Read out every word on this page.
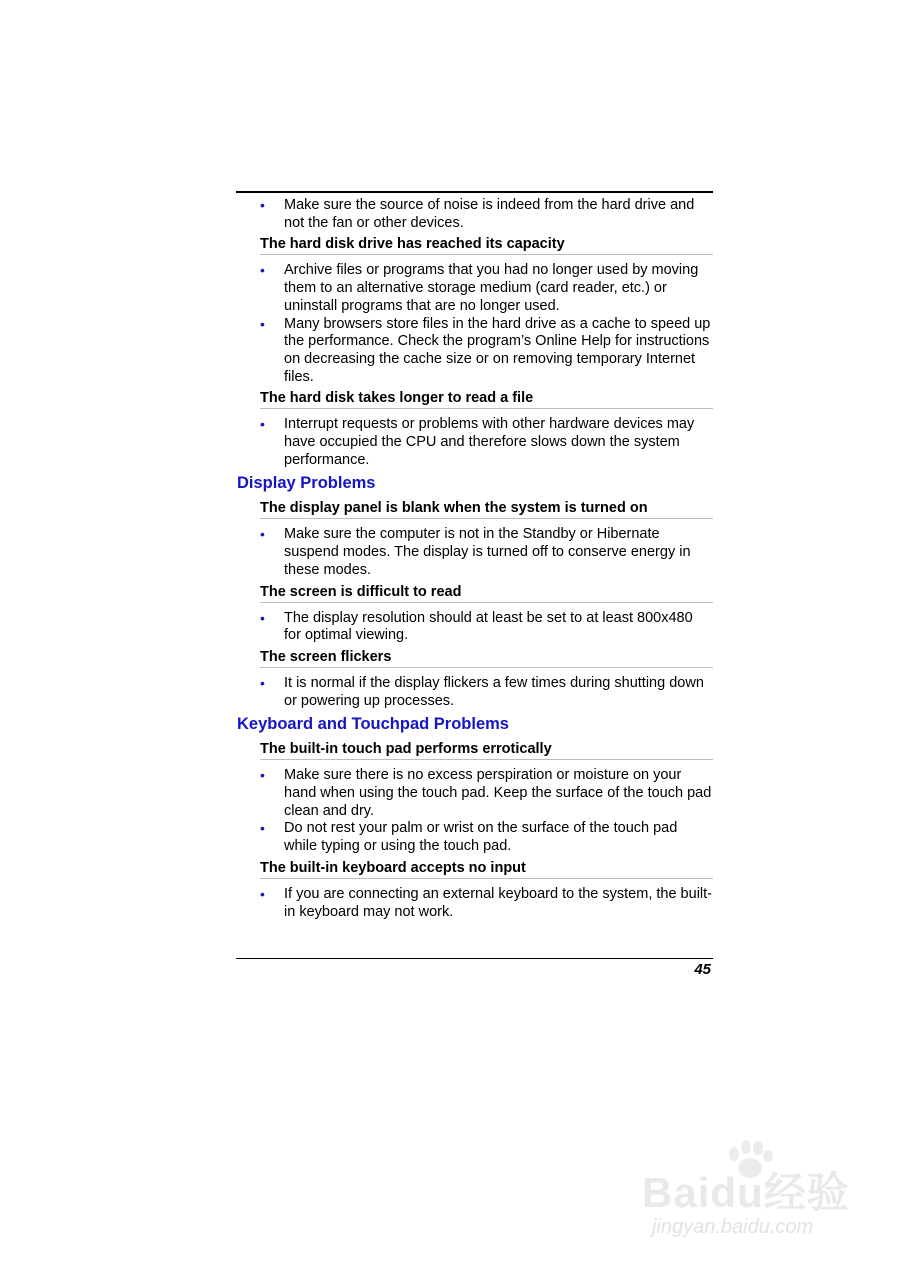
• Make sure the source of noise is indeed from the hard drive and not the fan or other devices.
The hard disk drive has reached its capacity
• Archive files or programs that you had no longer used by moving them to an alternative storage medium (card reader, etc.) or uninstall programs that are no longer used.
• Many browsers store files in the hard drive as a cache to speed up the performance. Check the program’s Online Help for instructions on decreasing the cache size or on removing temporary Internet files.
The hard disk takes longer to read a file
• Interrupt requests or problems with other hardware devices may have occupied the CPU and therefore slows down the system performance.
Display Problems
The display panel is blank when the system is turned on
• Make sure the computer is not in the Standby or Hibernate suspend modes. The display is turned off to conserve energy in these modes.
The screen is difficult to read
• The display resolution should at least be set to at least 800x480 for optimal viewing.
The screen flickers
• It is normal if the display flickers a few times during shutting down or powering up processes.
Keyboard and Touchpad Problems
The built-in touch pad performs errotically
• Make sure there is no excess perspiration or moisture on your hand when using the touch pad. Keep the surface of the touch pad clean and dry.
• Do not rest your palm or wrist on the surface of the touch pad while typing or using the touch pad.
The built-in keyboard accepts no input
• If you are connecting an external keyboard to the system, the built-in keyboard may not work.
45
Baidu经验
jingyan.baidu.com
